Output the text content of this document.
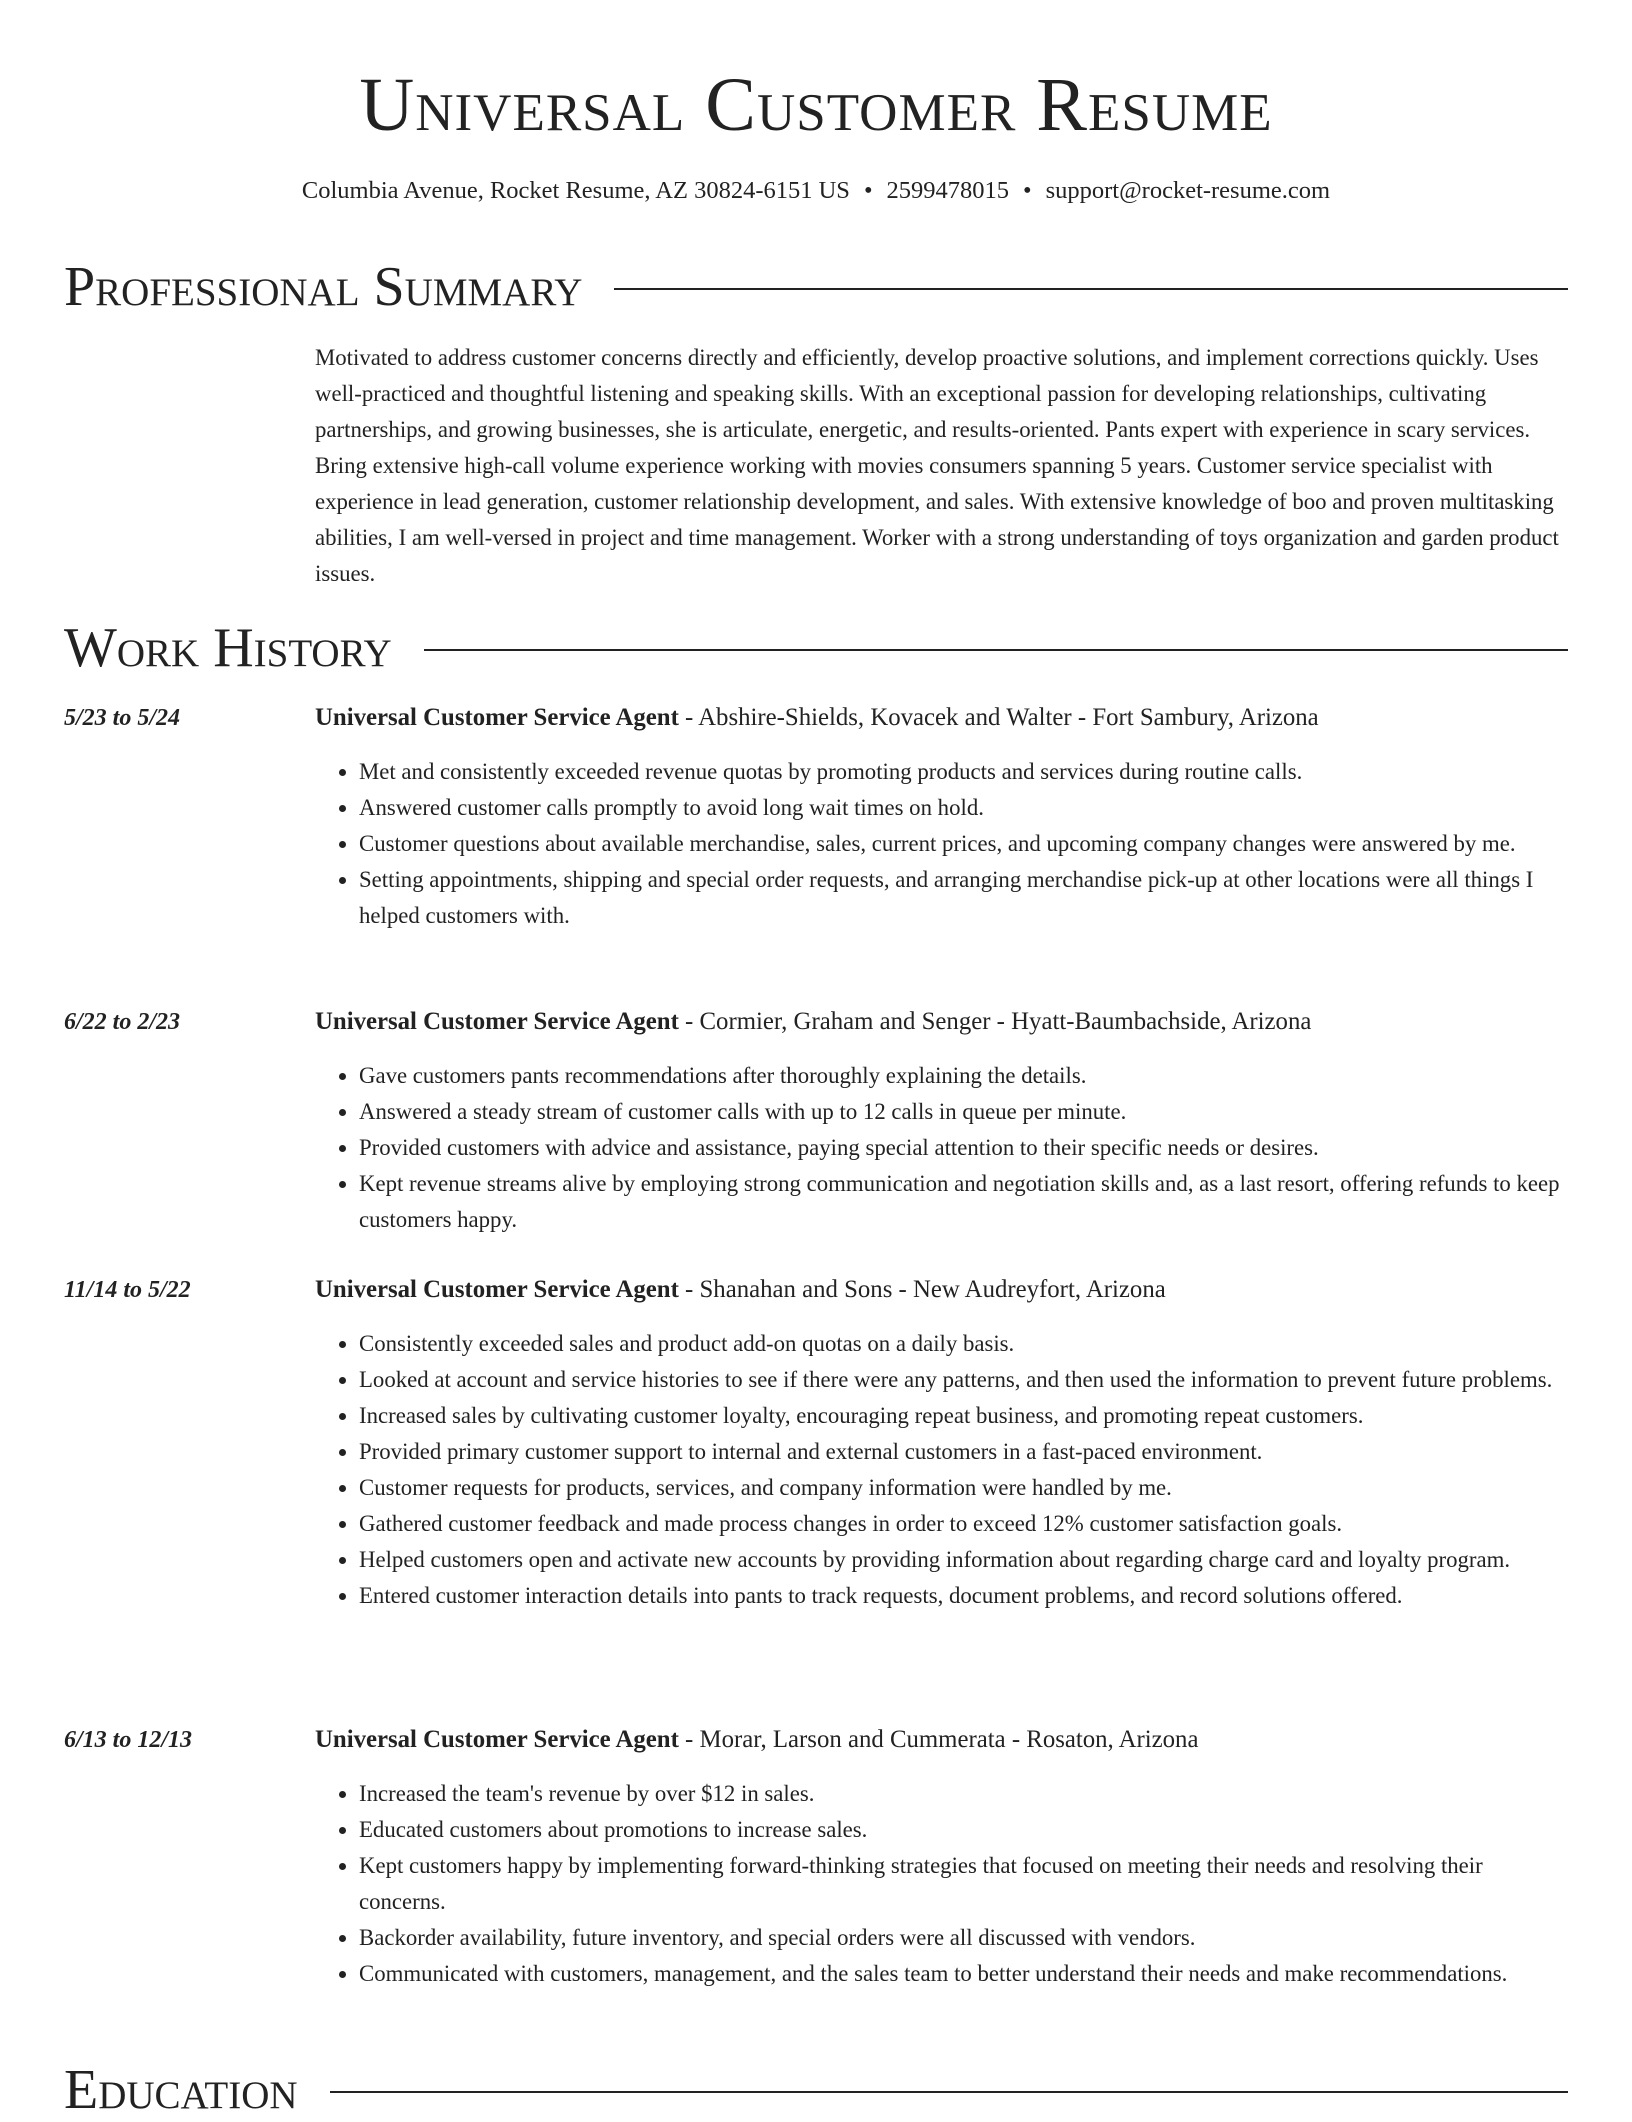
Universal Customer Resume
Columbia Avenue, Rocket Resume, AZ 30824-6151 US • 2599478015 • support@rocket-resume.com
Professional Summary

Motivated to address customer concerns directly and efficiently, develop proactive solutions, and implement corrections quickly. Uses well-practiced and thoughtful listening and speaking skills. With an exceptional passion for developing relationships, cultivating partnerships, and growing businesses, she is articulate, energetic, and results-oriented. Pants expert with experience in scary services. Bring extensive high-call volume experience working with movies consumers spanning 5 years. Customer service specialist with experience in lead generation, customer relationship development, and sales. With extensive knowledge of boo and proven multitasking abilities, I am well-versed in project and time management. Worker with a strong understanding of toys organization and garden product issues.

Work History
5/23 to 5/24	Universal Customer Service Agent - Abshire-Shields, Kovacek and Walter - Fort Sambury, Arizona
• Met and consistently exceeded revenue quotas by promoting products and services during routine calls.
• Answered customer calls promptly to avoid long wait times on hold.
• Customer questions about available merchandise, sales, current prices, and upcoming company changes were answered by me.
• Setting appointments, shipping and special order requests, and arranging merchandise pick-up at other locations were all things I helped customers with.
6/22 to 2/23	Universal Customer Service Agent - Cormier, Graham and Senger - Hyatt-Baumbachside, Arizona
• Gave customers pants recommendations after thoroughly explaining the details.
• Answered a steady stream of customer calls with up to 12 calls in queue per minute.
• Provided customers with advice and assistance, paying special attention to their specific needs or desires.
• Kept revenue streams alive by employing strong communication and negotiation skills and, as a last resort, offering refunds to keep customers happy.
11/14 to 5/22	Universal Customer Service Agent - Shanahan and Sons - New Audreyfort, Arizona
• Consistently exceeded sales and product add-on quotas on a daily basis.
• Looked at account and service histories to see if there were any patterns, and then used the information to prevent future problems.
• Increased sales by cultivating customer loyalty, encouraging repeat business, and promoting repeat customers.
• Provided primary customer support to internal and external customers in a fast-paced environment.
• Customer requests for products, services, and company information were handled by me.
• Gathered customer feedback and made process changes in order to exceed 12% customer satisfaction goals.
• Helped customers open and activate new accounts by providing information about regarding charge card and loyalty program.
• Entered customer interaction details into pants to track requests, document problems, and record solutions offered.
6/13 to 12/13	Universal Customer Service Agent - Morar, Larson and Cummerata - Rosaton, Arizona
• Increased the team's revenue by over $12 in sales.
• Educated customers about promotions to increase sales.
• Kept customers happy by implementing forward-thinking strategies that focused on meeting their needs and resolving their concerns.
• Backorder availability, future inventory, and special orders were all discussed with vendors.
• Communicated with customers, management, and the sales team to better understand their needs and make recommendations.
Education
